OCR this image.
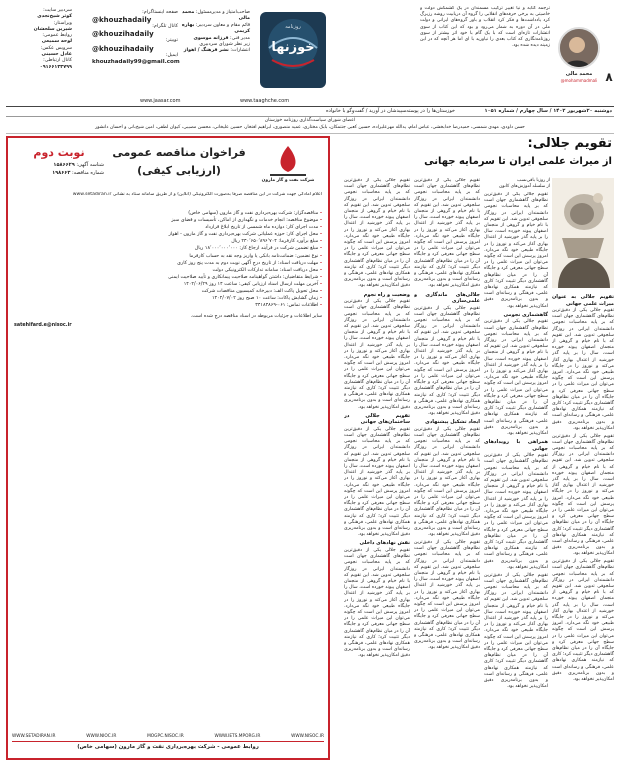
۸
محمد مالی
@mohammadmali
ترجمه کتابه و نیا تغییر ترکیب مسمندان در یک کشمکش دولت و خاصیتی به برخی حرفه‌های انقلابی را گروه آن دریابیت روشه رزبرگ کرد یادداشت‌ها و فکر کرد انقلاب و باور گروه‌های ایرانی و دولت ملی در آن دوره به شمار می‌رود و بود که این کتاب از سوی انتشارات تازه‌ای است که با یک گام با خود اثر بیشتر از سوی روزنامه‌نگاری که کتاب بعدی را نیاورید با ای اما هر آنچه که در این زمینه دیده شده بود.
خوزنها
روزنامه
صاحب‌امتیاز و مدیرمسئول: محمد مالی
قائم مقام و معاون سردبیر: بهاره کریمی
مدیر فنی: فرزانه موسوی
زیر نظر شورای سردبیری
انتشارات: نشر فرهنگ / اهواز
صفحه اینستاگرام:
@khouzhadaily
کانال تلگرام:
@khouzihadaily
توییتر:
@khouzihadaily
ایمیل:
khouzhadaily99@gmail.com
سردبیر سایت:
کوثر شیخ‌نجدی
ویراستار:
شیرین سلحشان
روابط عمومی:
لوحه سمیعی
سرویس عکس:
عادل حسینی
کانال ارتباطی:
۰۹۱۶۶۱۳۳۷۹۹
www.jaasar.com	www.taaghche.com
دوشنبه ۲۰شهریور ۱۴۰۲ / سال چهارم / شماره ۱۰۵۱
خوزستان‌ها را در پوسته‌سپیدشان در آورید / گفت‌وگو با خانواده
اعضای شورای سیاست‌گذاری روزنامه خوزستان
حسن داودی، مهدی شمسی، حمیدرضا خدابخشی، عباس امام، یدالله مهرعلیزاده، حسین کعبی جنتمکان، بابک مختاری، عمید منصوری، ابراهیم افتخار، حسین علیخانی، محسن مصیبی، کیوان لطفی، امین شیخ‌بانی و احسان دانشور
تقویم جلالی:
از میراث علمی ایران تا سرمایه جهانی
از روزنا باقی‌نسب
از سلسله آموزش‌های کانون
تقویم جلالی به عنوان میراث علمی جهانی

تقویم جلالی یکی از دقیق‌ترین نظام‌های گاهشماری جهان است که بر پایه محاسبات نجومی دانشمندان ایرانی در روزگار سلجوقی تدوین شد. این تقویم که با نام خیام و گروهی از منجمان اصفهان پیوند خورده است، سال را بر پایه گذر خورشید از اعتدال بهاری آغاز می‌کند و نوروز را در جایگاه طبیعی خود نگه می‌دارد. امروز پرسش این است که چگونه می‌توان این میراث علمی را در سطح جهانی معرفی کرد و جایگاه آن را در میان نظام‌های گاهشماری دیگر تثبیت کرد؛ کاری که نیازمند همکاری نهادهای علمی، فرهنگی و رسانه‌ای است و بدون برنامه‌ریزی دقیق امکان‌پذیر نخواهد بود.

تقویم جلالی یکی از دقیق‌ترین نظام‌های گاهشماری جهان است که بر پایه محاسبات نجومی دانشمندان ایرانی در روزگار سلجوقی تدوین شد. این تقویم که با نام خیام و گروهی از منجمان اصفهان پیوند خورده است، سال را بر پایه گذر خورشید از اعتدال بهاری آغاز می‌کند و نوروز را در جایگاه طبیعی خود نگه می‌دارد. امروز پرسش این است که چگونه می‌توان این میراث علمی را در سطح جهانی معرفی کرد و جایگاه آن را در میان نظام‌های گاهشماری دیگر تثبیت کرد؛ کاری که نیازمند همکاری نهادهای علمی، فرهنگی و رسانه‌ای است و بدون برنامه‌ریزی دقیق امکان‌پذیر نخواهد بود.

تقویم جلالی یکی از دقیق‌ترین نظام‌های گاهشماری جهان است که بر پایه محاسبات نجومی دانشمندان ایرانی در روزگار سلجوقی تدوین شد. این تقویم که با نام خیام و گروهی از منجمان اصفهان پیوند خورده است، سال را بر پایه گذر خورشید از اعتدال بهاری آغاز می‌کند و نوروز را در جایگاه طبیعی خود نگه می‌دارد. امروز پرسش این است که چگونه می‌توان این میراث علمی را در سطح جهانی معرفی کرد و جایگاه آن را در میان نظام‌های گاهشماری دیگر تثبیت کرد؛ کاری که نیازمند همکاری نهادهای علمی، فرهنگی و رسانه‌ای است و بدون برنامه‌ریزی دقیق امکان‌پذیر نخواهد بود.

تقویم جلالی یکی از دقیق‌ترین نظام‌های گاهشماری جهان است که بر پایه محاسبات نجومی دانشمندان ایرانی در روزگار سلجوقی تدوین شد. این تقویم که با نام خیام و گروهی از منجمان اصفهان پیوند خورده است، سال را بر پایه گذر خورشید از اعتدال بهاری آغاز می‌کند و نوروز را در جایگاه طبیعی خود نگه می‌دارد. امروز پرسش این است که چگونه می‌توان این میراث علمی را در سطح جهانی معرفی کرد و جایگاه آن را در میان نظام‌های گاهشماری دیگر تثبیت کرد؛ کاری که نیازمند همکاری نهادهای علمی، فرهنگی و رسانه‌ای است و بدون برنامه‌ریزی دقیق امکان‌پذیر نخواهد بود.

گاهشماری نجومی

تقویم جلالی یکی از دقیق‌ترین نظام‌های گاهشماری جهان است که بر پایه محاسبات نجومی دانشمندان ایرانی در روزگار سلجوقی تدوین شد. این تقویم که با نام خیام و گروهی از منجمان اصفهان پیوند خورده است، سال را بر پایه گذر خورشید از اعتدال بهاری آغاز می‌کند و نوروز را در جایگاه طبیعی خود نگه می‌دارد. امروز پرسش این است که چگونه می‌توان این میراث علمی را در سطح جهانی معرفی کرد و جایگاه آن را در میان نظام‌های گاهشماری دیگر تثبیت کرد؛ کاری که نیازمند همکاری نهادهای علمی، فرهنگی و رسانه‌ای است و بدون برنامه‌ریزی دقیق امکان‌پذیر نخواهد بود.

همراهی با رویدادهای جهانی

تقویم جلالی یکی از دقیق‌ترین نظام‌های گاهشماری جهان است که بر پایه محاسبات نجومی دانشمندان ایرانی در روزگار سلجوقی تدوین شد. این تقویم که با نام خیام و گروهی از منجمان اصفهان پیوند خورده است، سال را بر پایه گذر خورشید از اعتدال بهاری آغاز می‌کند و نوروز را در جایگاه طبیعی خود نگه می‌دارد. امروز پرسش این است که چگونه می‌توان این میراث علمی را در سطح جهانی معرفی کرد و جایگاه آن را در میان نظام‌های گاهشماری دیگر تثبیت کرد؛ کاری که نیازمند همکاری نهادهای علمی، فرهنگی و رسانه‌ای است و بدون برنامه‌ریزی دقیق امکان‌پذیر نخواهد بود.

تقویم جلالی یکی از دقیق‌ترین نظام‌های گاهشماری جهان است که بر پایه محاسبات نجومی دانشمندان ایرانی در روزگار سلجوقی تدوین شد. این تقویم که با نام خیام و گروهی از منجمان اصفهان پیوند خورده است، سال را بر پایه گذر خورشید از اعتدال بهاری آغاز می‌کند و نوروز را در جایگاه طبیعی خود نگه می‌دارد. امروز پرسش این است که چگونه می‌توان این میراث علمی را در سطح جهانی معرفی کرد و جایگاه آن را در میان نظام‌های گاهشماری دیگر تثبیت کرد؛ کاری که نیازمند همکاری نهادهای علمی، فرهنگی و رسانه‌ای است و بدون برنامه‌ریزی دقیق امکان‌پذیر نخواهد بود.

تقویم جلالی یکی از دقیق‌ترین نظام‌های گاهشماری جهان است که بر پایه محاسبات نجومی دانشمندان ایرانی در روزگار سلجوقی تدوین شد. این تقویم که با نام خیام و گروهی از منجمان اصفهان پیوند خورده است، سال را بر پایه گذر خورشید از اعتدال بهاری آغاز می‌کند و نوروز را در جایگاه طبیعی خود نگه می‌دارد. امروز پرسش این است که چگونه می‌توان این میراث علمی را در سطح جهانی معرفی کرد و جایگاه آن را در میان نظام‌های گاهشماری دیگر تثبیت کرد؛ کاری که نیازمند همکاری نهادهای علمی، فرهنگی و رسانه‌ای است و بدون برنامه‌ریزی دقیق امکان‌پذیر نخواهد بود.

جلالی‌های ماندگاری و علمی‌سازی

تقویم جلالی یکی از دقیق‌ترین نظام‌های گاهشماری جهان است که بر پایه محاسبات نجومی دانشمندان ایرانی در روزگار سلجوقی تدوین شد. این تقویم که با نام خیام و گروهی از منجمان اصفهان پیوند خورده است، سال را بر پایه گذر خورشید از اعتدال بهاری آغاز می‌کند و نوروز را در جایگاه طبیعی خود نگه می‌دارد. امروز پرسش این است که چگونه می‌توان این میراث علمی را در سطح جهانی معرفی کرد و جایگاه آن را در میان نظام‌های گاهشماری دیگر تثبیت کرد؛ کاری که نیازمند همکاری نهادهای علمی، فرهنگی و رسانه‌ای است و بدون برنامه‌ریزی دقیق امکان‌پذیر نخواهد بود.

ایجاد تشکیل پیشنهادی

تقویم جلالی یکی از دقیق‌ترین نظام‌های گاهشماری جهان است که بر پایه محاسبات نجومی دانشمندان ایرانی در روزگار سلجوقی تدوین شد. این تقویم که با نام خیام و گروهی از منجمان اصفهان پیوند خورده است، سال را بر پایه گذر خورشید از اعتدال بهاری آغاز می‌کند و نوروز را در جایگاه طبیعی خود نگه می‌دارد. امروز پرسش این است که چگونه می‌توان این میراث علمی را در سطح جهانی معرفی کرد و جایگاه آن را در میان نظام‌های گاهشماری دیگر تثبیت کرد؛ کاری که نیازمند همکاری نهادهای علمی، فرهنگی و رسانه‌ای است و بدون برنامه‌ریزی دقیق امکان‌پذیر نخواهد بود.

تقویم جلالی یکی از دقیق‌ترین نظام‌های گاهشماری جهان است که بر پایه محاسبات نجومی دانشمندان ایرانی در روزگار سلجوقی تدوین شد. این تقویم که با نام خیام و گروهی از منجمان اصفهان پیوند خورده است، سال را بر پایه گذر خورشید از اعتدال بهاری آغاز می‌کند و نوروز را در جایگاه طبیعی خود نگه می‌دارد. امروز پرسش این است که چگونه می‌توان این میراث علمی را در سطح جهانی معرفی کرد و جایگاه آن را در میان نظام‌های گاهشماری دیگر تثبیت کرد؛ کاری که نیازمند همکاری نهادهای علمی، فرهنگی و رسانه‌ای است و بدون برنامه‌ریزی دقیق امکان‌پذیر نخواهد بود.

تقویم جلالی یکی از دقیق‌ترین نظام‌های گاهشماری جهان است که بر پایه محاسبات نجومی دانشمندان ایرانی در روزگار سلجوقی تدوین شد. این تقویم که با نام خیام و گروهی از منجمان اصفهان پیوند خورده است، سال را بر پایه گذر خورشید از اعتدال بهاری آغاز می‌کند و نوروز را در جایگاه طبیعی خود نگه می‌دارد. امروز پرسش این است که چگونه می‌توان این میراث علمی را در سطح جهانی معرفی کرد و جایگاه آن را در میان نظام‌های گاهشماری دیگر تثبیت کرد؛ کاری که نیازمند همکاری نهادهای علمی، فرهنگی و رسانه‌ای است و بدون برنامه‌ریزی دقیق امکان‌پذیر نخواهد بود.

وضعیت و راه نجوم

تقویم جلالی یکی از دقیق‌ترین نظام‌های گاهشماری جهان است که بر پایه محاسبات نجومی دانشمندان ایرانی در روزگار سلجوقی تدوین شد. این تقویم که با نام خیام و گروهی از منجمان اصفهان پیوند خورده است، سال را بر پایه گذر خورشید از اعتدال بهاری آغاز می‌کند و نوروز را در جایگاه طبیعی خود نگه می‌دارد. امروز پرسش این است که چگونه می‌توان این میراث علمی را در سطح جهانی معرفی کرد و جایگاه آن را در میان نظام‌های گاهشماری دیگر تثبیت کرد؛ کاری که نیازمند همکاری نهادهای علمی، فرهنگی و رسانه‌ای است و بدون برنامه‌ریزی دقیق امکان‌پذیر نخواهد بود.

تقویم جلالی در ساختمان‌های جهانی

تقویم جلالی یکی از دقیق‌ترین نظام‌های گاهشماری جهان است که بر پایه محاسبات نجومی دانشمندان ایرانی در روزگار سلجوقی تدوین شد. این تقویم که با نام خیام و گروهی از منجمان اصفهان پیوند خورده است، سال را بر پایه گذر خورشید از اعتدال بهاری آغاز می‌کند و نوروز را در جایگاه طبیعی خود نگه می‌دارد. امروز پرسش این است که چگونه می‌توان این میراث علمی را در سطح جهانی معرفی کرد و جایگاه آن را در میان نظام‌های گاهشماری دیگر تثبیت کرد؛ کاری که نیازمند همکاری نهادهای علمی، فرهنگی و رسانه‌ای است و بدون برنامه‌ریزی دقیق امکان‌پذیر نخواهد بود.

نقش نهادهای داخلی

تقویم جلالی یکی از دقیق‌ترین نظام‌های گاهشماری جهان است که بر پایه محاسبات نجومی دانشمندان ایرانی در روزگار سلجوقی تدوین شد. این تقویم که با نام خیام و گروهی از منجمان اصفهان پیوند خورده است، سال را بر پایه گذر خورشید از اعتدال بهاری آغاز می‌کند و نوروز را در جایگاه طبیعی خود نگه می‌دارد. امروز پرسش این است که چگونه می‌توان این میراث علمی را در سطح جهانی معرفی کرد و جایگاه آن را در میان نظام‌های گاهشماری دیگر تثبیت کرد؛ کاری که نیازمند همکاری نهادهای علمی، فرهنگی و رسانه‌ای است و بدون برنامه‌ریزی دقیق امکان‌پذیر نخواهد بود.

شرکت نفت و گاز مارون
فراخوان مناقصه عمومی
(ارزیابی کیفی)
نوبت دوم
شناسه آگهی: ۱۵۸۶۶۲۹
شماره مناقصه: ۱۹۸۶۶۳
اعلام آمادگی جهت شرکت در این مناقصه صرفاً به‌صورت الکترونیکی (آنلاین) و از طریق سامانه ستاد به نشانی www.setadiran.ir
- مناقصه‌گزار: شرکت بهره‌برداری نفت و گاز مارون (سهامی خاص)
- موضوع مناقصه: انجام خدمات و نگهداری از اماکن، تأسیسات و فضای سبز
- مدت اجرای کار: دوازده ماه شمسی از تاریخ ابلاغ قرارداد
- محل اجرای کار: حوزه عملیاتی شرکت بهره‌برداری نفت و گاز مارون - اهواز
- مبلغ برآورد کارفرما: ۲۳۰٬۶۵۰٬۸۹۶٬۷۰۴ ریال
- مبلغ تضمین شرکت در فرآیند ارجاع کار: ۱۸٬۰۰۰٬۰۰۰٬۰۰۰ ریال
- نوع تضمین: ضمانت‌نامه بانکی یا واریز وجه نقد به حساب کارفرما
- مهلت دریافت اسناد: از تاریخ درج آگهی نوبت دوم به مدت پنج روز کاری
- محل دریافت اسناد: سامانه تدارکات الکترونیکی دولت
- شرایط متقاضیان: داشتن گواهینامه صلاحیت پیمانکاری و تأیید صلاحیت ایمنی
- آخرین مهلت ارسال اسناد ارزیابی کیفی: ساعت ۱۴ روز ۱۴۰۲/۰۶/۲۹
- محل تحویل پاکت الف: دبیرخانه کمیسیون مناقصات شرکت
- زمان گشایش پاکات: ساعت ۱۰ صبح روز ۱۴۰۲/۰۷/۰۲
- اطلاعات تماس: ۰۶۱-۳۴۱۸۴۸۶۹
سایر اطلاعات و جزئیات مربوطه در اسناد مناقصه درج شده است.
satehifard.e@nisoc.ir
WWW.SETADIRAN.IR	WWW.NIOC.IR	MOGPC.NISOC.IR	WWW.IETS.MPORG.IR	WWW.NISOC.IR
روابط عمومی - شرکت بهره‌برداری نفت و گاز مارون (سهامی خاص)
